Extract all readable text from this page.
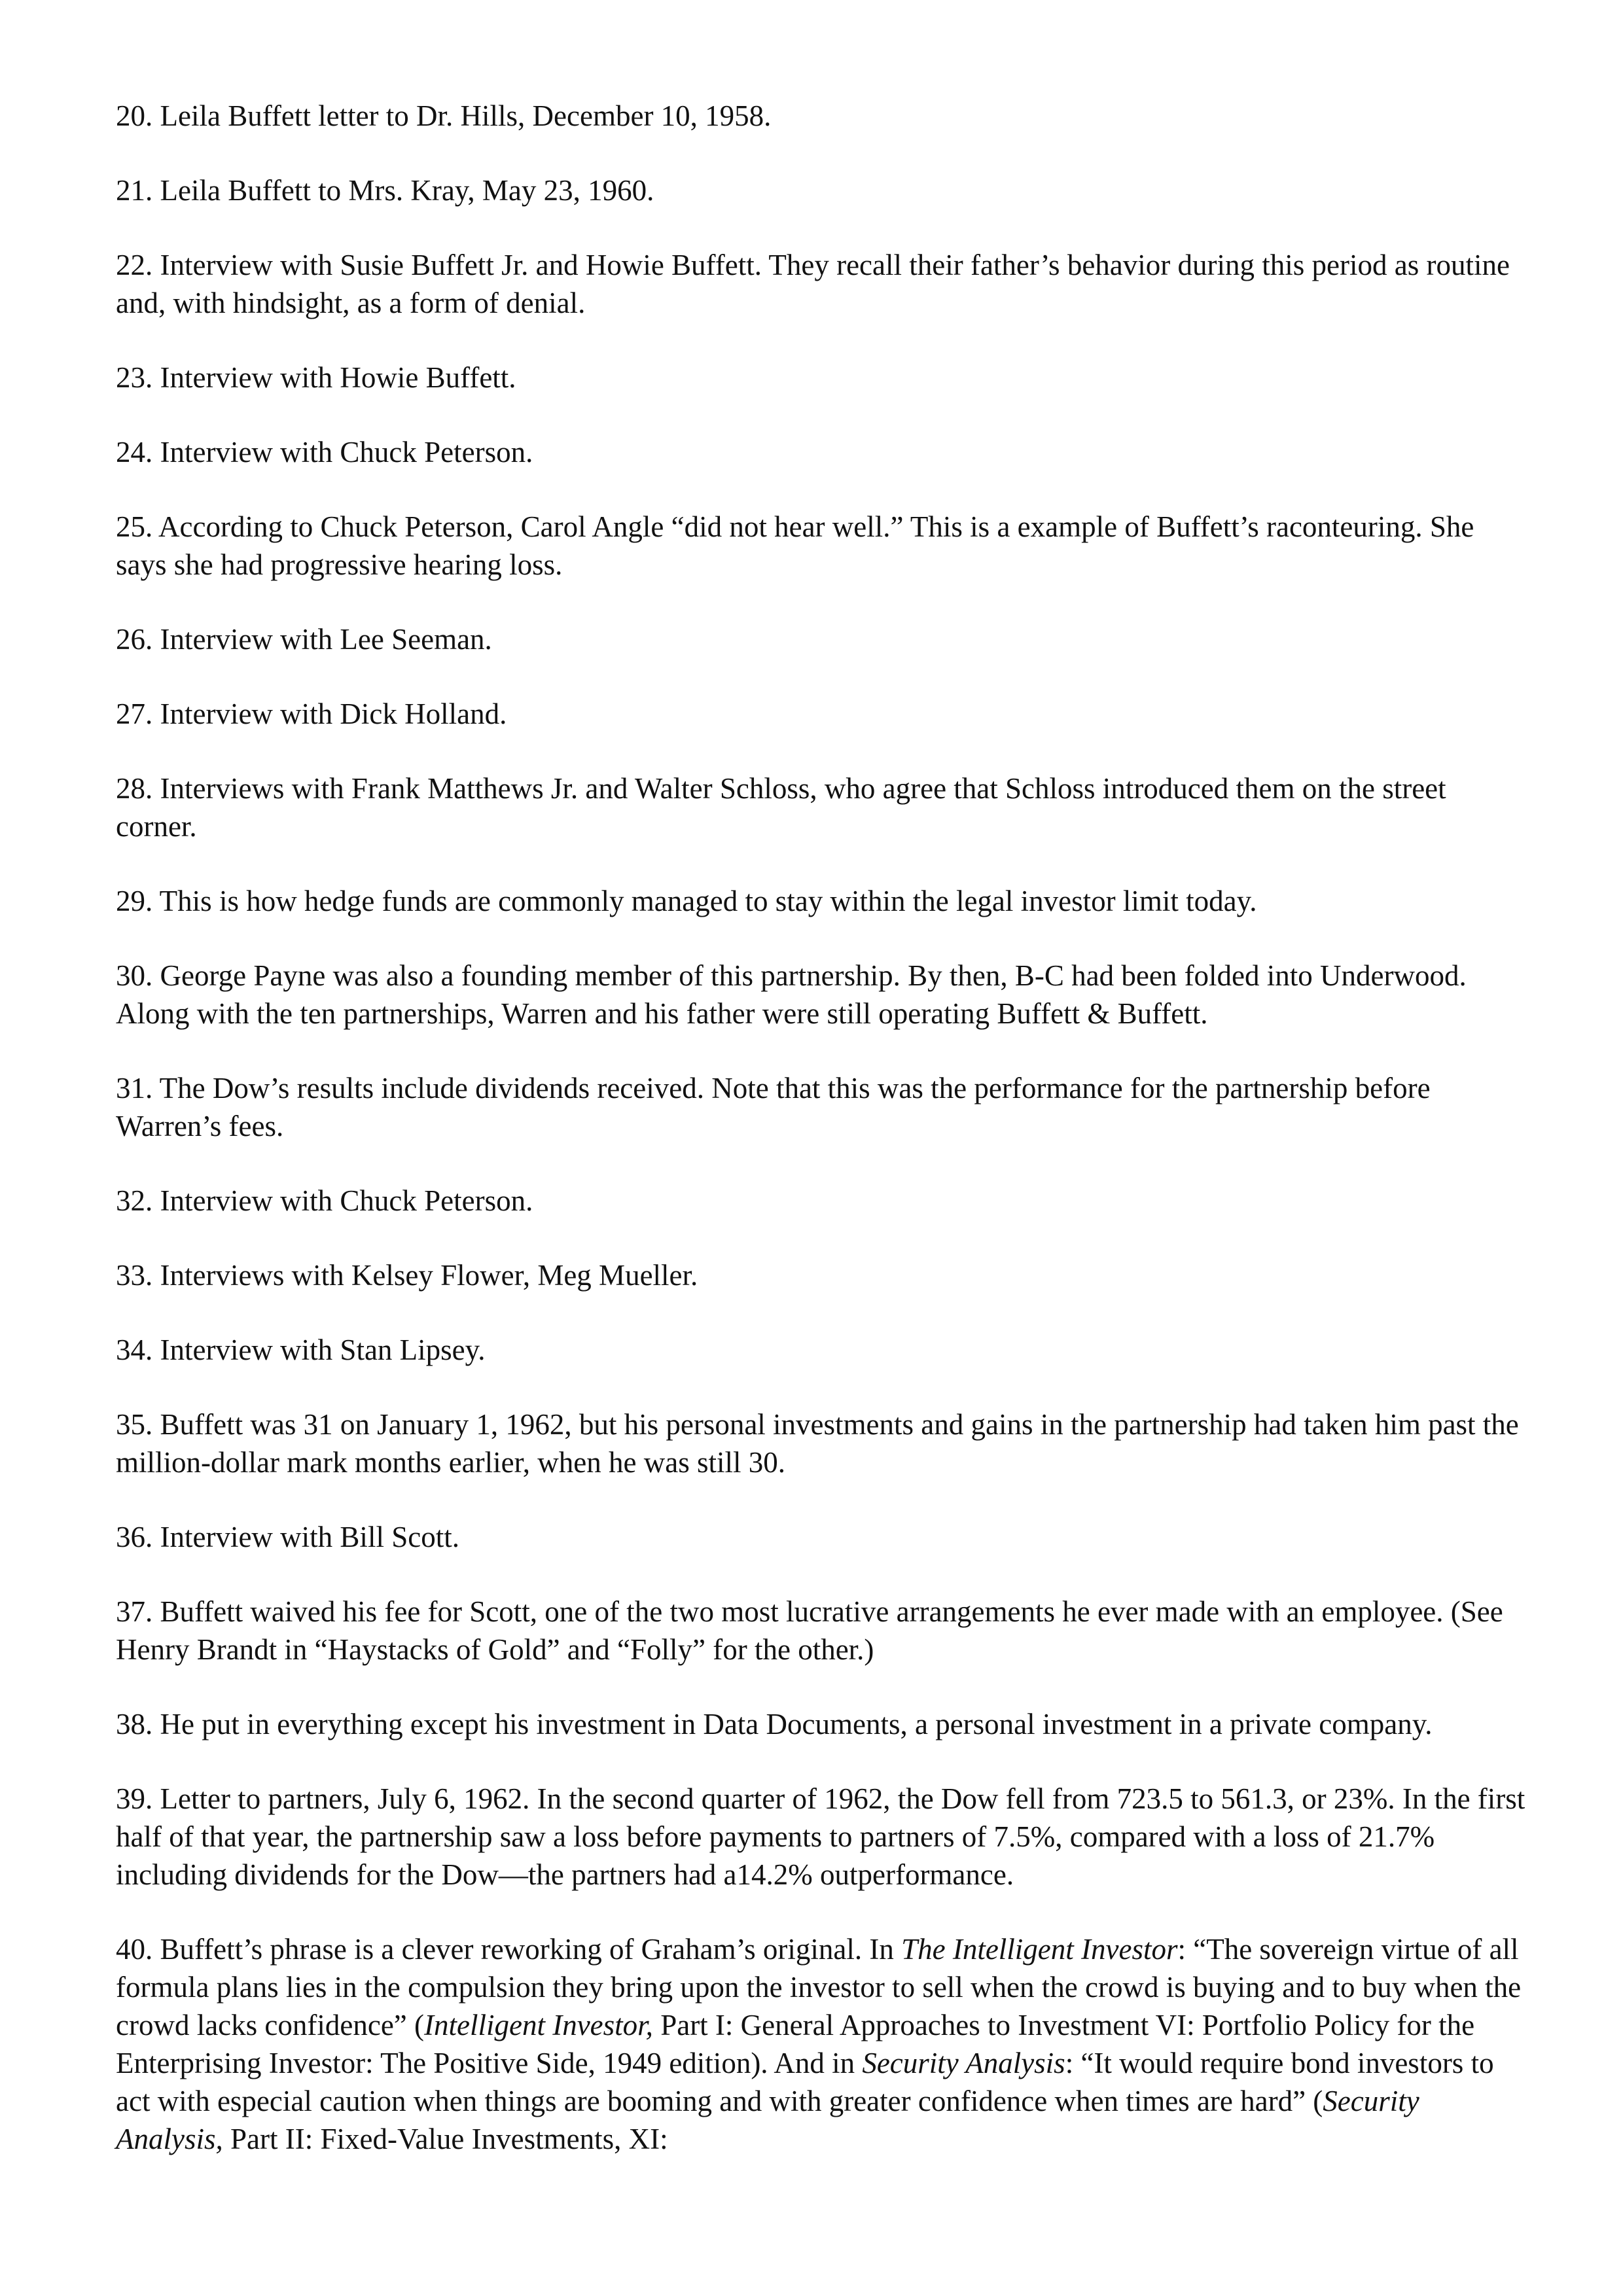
20. Leila Buffett letter to Dr. Hills, December 10, 1958.

21. Leila Buffett to Mrs. Kray, May 23, 1960.

22. Interview with Susie Buffett Jr. and Howie Buffett. They recall their father’s behavior during this period as routine and, with hindsight, as a form of denial.

23. Interview with Howie Buffett.

24. Interview with Chuck Peterson.

25. According to Chuck Peterson, Carol Angle “did not hear well.” This is a example of Buffett’s raconteuring. She says she had progressive hearing loss.

26. Interview with Lee Seeman.

27. Interview with Dick Holland.

28. Interviews with Frank Matthews Jr. and Walter Schloss, who agree that Schloss introduced them on the street corner.

29. This is how hedge funds are commonly managed to stay within the legal investor limit today.

30. George Payne was also a founding member of this partnership. By then, B-C had been folded into Underwood. Along with the ten partnerships, Warren and his father were still operating Buffett & Buffett.

31. The Dow’s results include dividends received. Note that this was the performance for the partnership before Warren’s fees.

32. Interview with Chuck Peterson.

33. Interviews with Kelsey Flower, Meg Mueller.

34. Interview with Stan Lipsey.

35. Buffett was 31 on January 1, 1962, but his personal investments and gains in the partnership had taken him past the million-dollar mark months earlier, when he was still 30.

36. Interview with Bill Scott.

37. Buffett waived his fee for Scott, one of the two most lucrative arrangements he ever made with an employee. (See Henry Brandt in “Haystacks of Gold” and “Folly” for the other.)

38. He put in everything except his investment in Data Documents, a personal investment in a private company.

39. Letter to partners, July 6, 1962. In the second quarter of 1962, the Dow fell from 723.5 to 561.3, or 23%. In the first half of that year, the partnership saw a loss before payments to partners of 7.5%, compared with a loss of 21.7% including dividends for the Dow—the partners had a14.2% outperformance.

40. Buffett’s phrase is a clever reworking of Graham’s original. In The Intelligent Investor: “The sovereign virtue of all formula plans lies in the compulsion they bring upon the investor to sell when the crowd is buying and to buy when the crowd lacks confidence” (Intelligent Investor, Part I: General Approaches to Investment VI: Portfolio Policy for the Enterprising Investor: The Positive Side, 1949 edition). And in Security Analysis: “It would require bond investors to act with especial caution when things are booming and with greater confidence when times are hard” (Security Analysis, Part II: Fixed-Value Investments, XI:
